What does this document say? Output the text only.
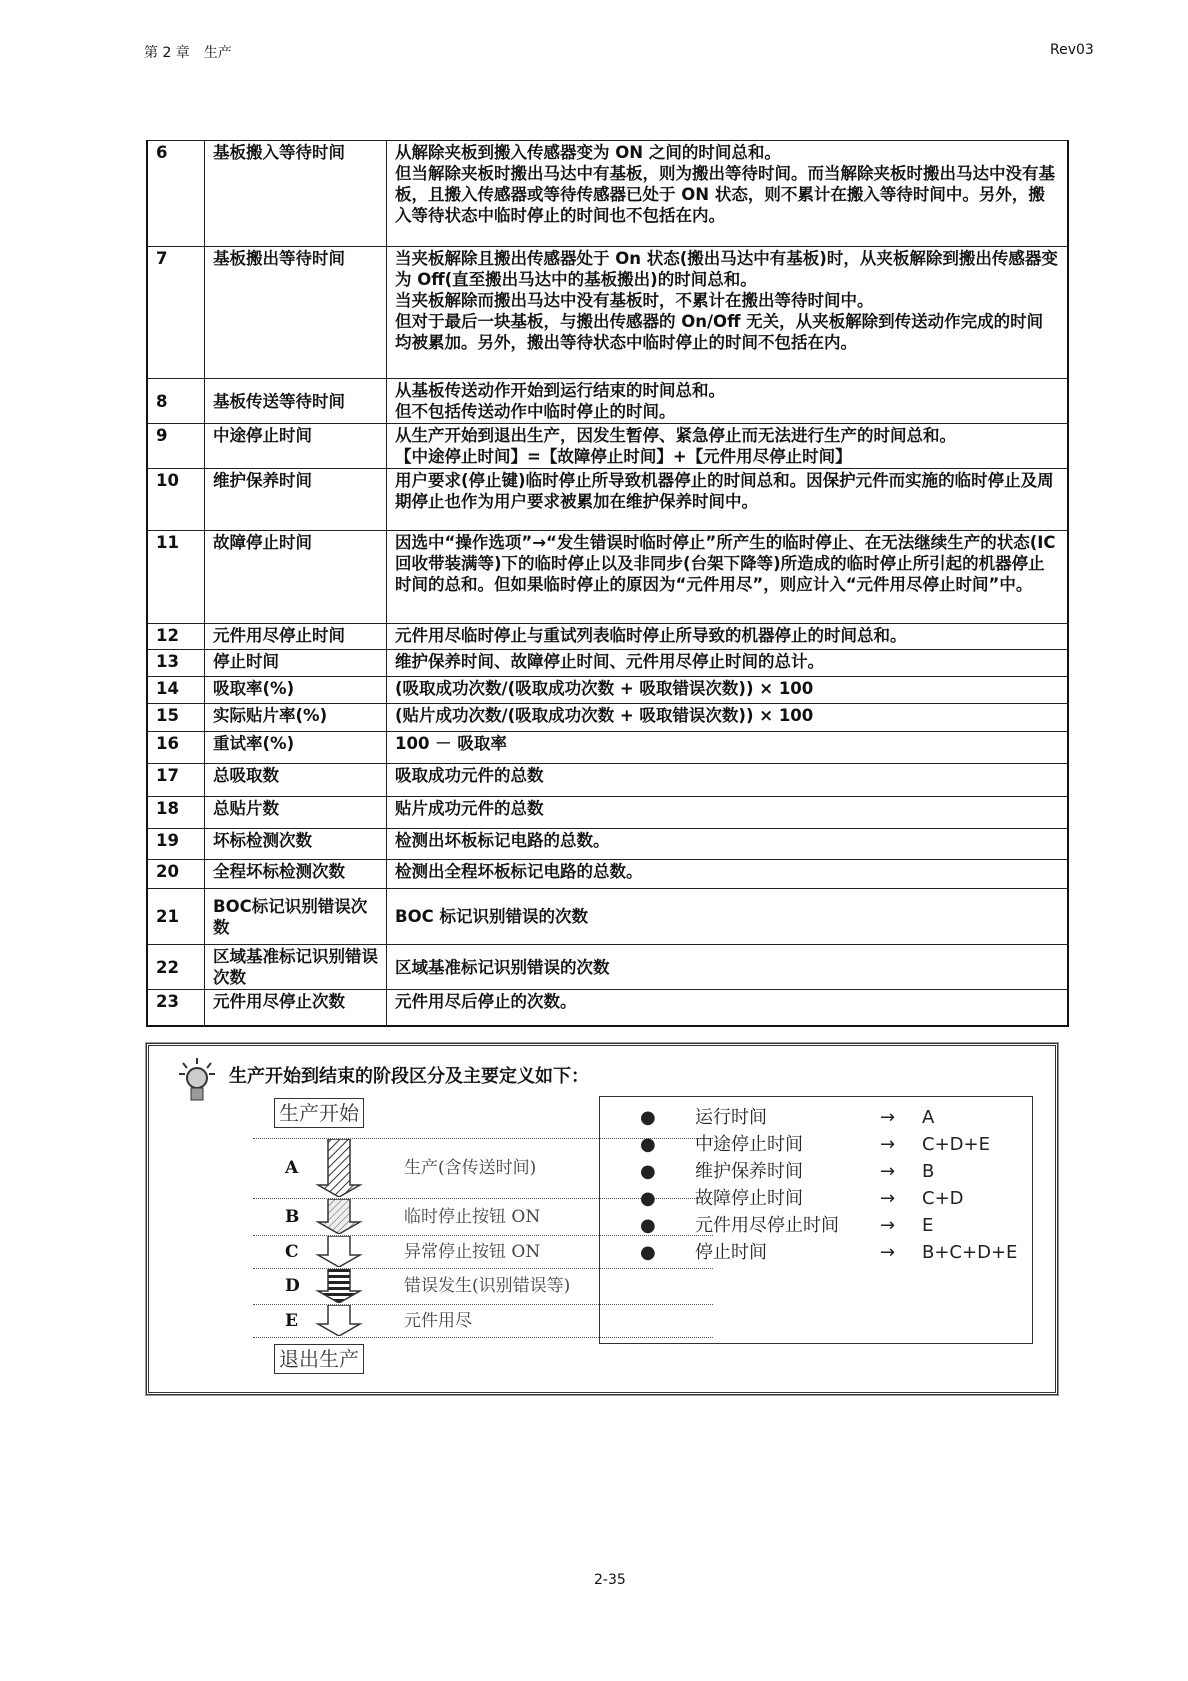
第 2 章　生产	Rev03
6	基板搬入等待时间	从解除夹板到搬入传感器变为 ON 之间的时间总和。
但当解除夹板时搬出马达中有基板，则为搬出等待时间。而当解除夹板时搬出马达中没有基板，且搬入传感器或等待传感器已处于 ON 状态，则不累计在搬入等待时间中。另外，搬入等待状态中临时停止的时间也不包括在内。
7	基板搬出等待时间	当夹板解除且搬出传感器处于 On 状态(搬出马达中有基板)时，从夹板解除到搬出传感器变为 Off(直至搬出马达中的基板搬出)的时间总和。
当夹板解除而搬出马达中没有基板时，不累计在搬出等待时间中。
但对于最后一块基板，与搬出传感器的 On/Off 无关，从夹板解除到传送动作完成的时间均被累加。另外，搬出等待状态中临时停止的时间不包括在内。
8	基板传送等待时间	从基板传送动作开始到运行结束的时间总和。
但不包括传送动作中临时停止的时间。
9	中途停止时间	从生产开始到退出生产，因发生暂停、紧急停止而无法进行生产的时间总和。
【中途停止时间】=【故障停止时间】+【元件用尽停止时间】
10	维护保养时间	用户要求(停止键)临时停止所导致机器停止的时间总和。因保护元件而实施的临时停止及周期停止也作为用户要求被累加在维护保养时间中。
11	故障停止时间	因选中“操作选项”→“发生错误时临时停止”所产生的临时停止、在无法继续生产的状态(IC 回收带装满等)下的临时停止以及非同步(台架下降等)所造成的临时停止所引起的机器停止时间的总和。但如果临时停止的原因为“元件用尽”，则应计入“元件用尽停止时间”中。
12	元件用尽停止时间	元件用尽临时停止与重试列表临时停止所导致的机器停止的时间总和。
13	停止时间	维护保养时间、故障停止时间、元件用尽停止时间的总计。
14	吸取率(%)	(吸取成功次数/(吸取成功次数 + 吸取错误次数)) × 100
15	实际贴片率(%)	(贴片成功次数/(吸取成功次数 + 吸取错误次数)) × 100
16	重试率(%)	100 － 吸取率
17	总吸取数	吸取成功元件的总数
18	总贴片数	贴片成功元件的总数
19	坏标检测次数	检测出坏板标记电路的总数。
20	全程坏标检测次数	检测出全程坏板标记电路的总数。
21	BOC标记识别错误次数	BOC 标记识别错误的次数
22	区域基准标记识别错误次数	区域基准标记识别错误的次数
23	元件用尽停止次数	元件用尽后停止的次数。
生产开始到结束的阶段区分及主要定义如下：
生产开始
退出生产
A	生产(含传送时间)
B	临时停止按钮 ON
C	异常停止按钮 ON
D	错误发生(识别错误等)
E	元件用尽
●	运行时间	→	A
●	中途停止时间	→	C+D+E
●	维护保养时间	→	B
●	故障停止时间	→	C+D
●	元件用尽停止时间	→	E
●	停止时间	→	B+C+D+E
2-35
